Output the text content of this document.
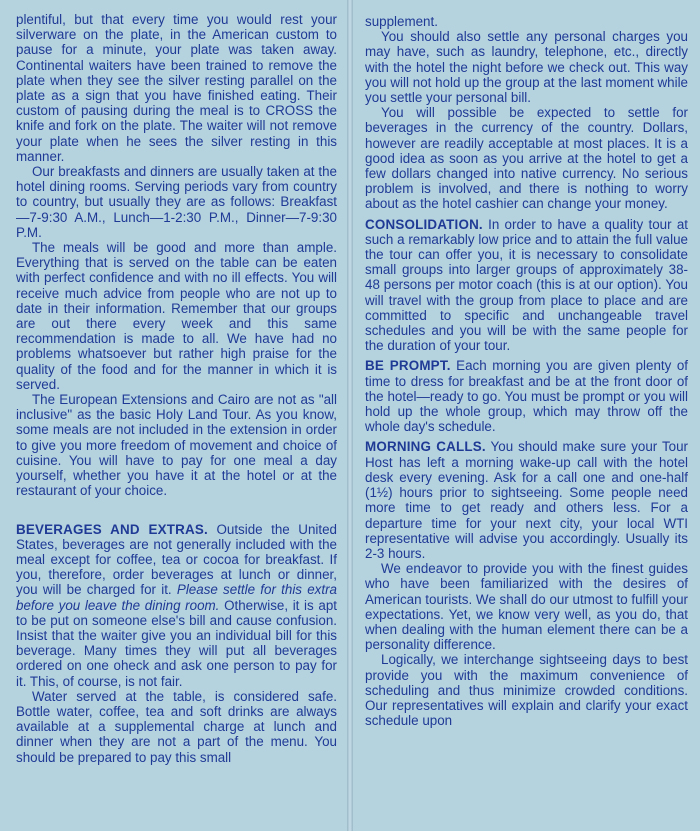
plentiful, but that every time you would rest your silverware on the plate, in the American custom to pause for a minute, your plate was taken away. Continental waiters have been trained to remove the plate when they see the silver resting parallel on the plate as a sign that you have finished eating. Their custom of pausing during the meal is to CROSS the knife and fork on the plate. The waiter will not remove your plate when he sees the silver resting in this manner.

Our breakfasts and dinners are usually taken at the hotel dining rooms. Serving periods vary from country to country, but usually they are as follows: Breakfast—7-9:30 A.M., Lunch—1-2:30 P.M., Dinner—7-9:30 P.M.

The meals will be good and more than ample. Everything that is served on the table can be eaten with perfect confidence and with no ill effects. You will receive much advice from people who are not up to date in their information. Remember that our groups are out there every week and this same recommendation is made to all. We have had no problems whatsoever but rather high praise for the quality of the food and for the manner in which it is served.

The European Extensions and Cairo are not as "all inclusive" as the basic Holy Land Tour. As you know, some meals are not included in the extension in order to give you more freedom of movement and choice of cuisine. You will have to pay for one meal a day yourself, whether you have it at the hotel or at the restaurant of your choice.

BEVERAGES AND EXTRAS. Outside the United States, beverages are not generally included with the meal except for coffee, tea or cocoa for breakfast. If you, therefore, order beverages at lunch or dinner, you will be charged for it. Please settle for this extra before you leave the dining room. Otherwise, it is apt to be put on someone else's bill and cause confusion. Insist that the waiter give you an individual bill for this beverage. Many times they will put all beverages ordered on one oheck and ask one person to pay for it. This, of course, is not fair.

Water served at the table, is considered safe. Bottle water, coffee, tea and soft drinks are always available at a supplemental charge at lunch and dinner when they are not a part of the menu. You should be prepared to pay this small

supplement.

You should also settle any personal charges you may have, such as laundry, telephone, etc., directly with the hotel the night before we check out. This way you will not hold up the group at the last moment while you settle your personal bill.

You will possible be expected to settle for beverages in the currency of the country. Dollars, however are readily acceptable at most places. It is a good idea as soon as you arrive at the hotel to get a few dollars changed into native currency. No serious problem is involved, and there is nothing to worry about as the hotel cashier can change your money.

CONSOLIDATION. In order to have a quality tour at such a remarkably low price and to attain the full value the tour can offer you, it is necessary to consolidate small groups into larger groups of approximately 38-48 persons per motor coach (this is at our option). You will travel with the group from place to place and are committed to specific and unchangeable travel schedules and you will be with the same people for the duration of your tour.

BE PROMPT. Each morning you are given plenty of time to dress for breakfast and be at the front door of the hotel—ready to go. You must be prompt or you will hold up the whole group, which may throw off the whole day's schedule.

MORNING CALLS. You should make sure your Tour Host has left a morning wake-up call with the hotel desk every evening. Ask for a call one and one-half (1½) hours prior to sightseeing. Some people need more time to get ready and others less. For a departure time for your next city, your local WTI representative will advise you accordingly. Usually its 2-3 hours.

We endeavor to provide you with the finest guides who have been familiarized with the desires of American tourists. We shall do our utmost to fulfill your expectations. Yet, we know very well, as you do, that when dealing with the human element there can be a personality difference.

Logically, we interchange sightseeing days to best provide you with the maximum convenience of scheduling and thus minimize crowded conditions. Our representatives will explain and clarify your exact schedule upon
